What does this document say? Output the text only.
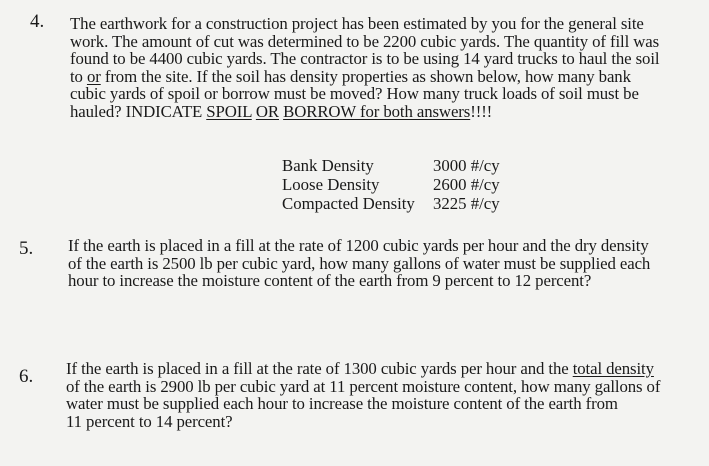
4. The earthwork for a construction project has been estimated by you for the general site
work. The amount of cut was determined to be 2200 cubic yards. The quantity of fill was
found to be 4400 cubic yards. The contractor is to be using 14 yard trucks to haul the soil
to or from the site. If the soil has density properties as shown below, how many bank
cubic yards of spoil or borrow must be moved? How many truck loads of soil must be
hauled? INDICATE SPOIL OR BORROW for both answers!!!!
Bank Density	3000 #/cy
Loose Density	2600 #/cy
Compacted Density	3225 #/cy
5. If the earth is placed in a fill at the rate of 1200 cubic yards per hour and the dry density
of the earth is 2500 lb per cubic yard, how many gallons of water must be supplied each
hour to increase the moisture content of the earth from 9 percent to 12 percent?
6. If the earth is placed in a fill at the rate of 1300 cubic yards per hour and the total density
of the earth is 2900 lb per cubic yard at 11 percent moisture content, how many gallons of
water must be supplied each hour to increase the moisture content of the earth from
11 percent to 14 percent?
